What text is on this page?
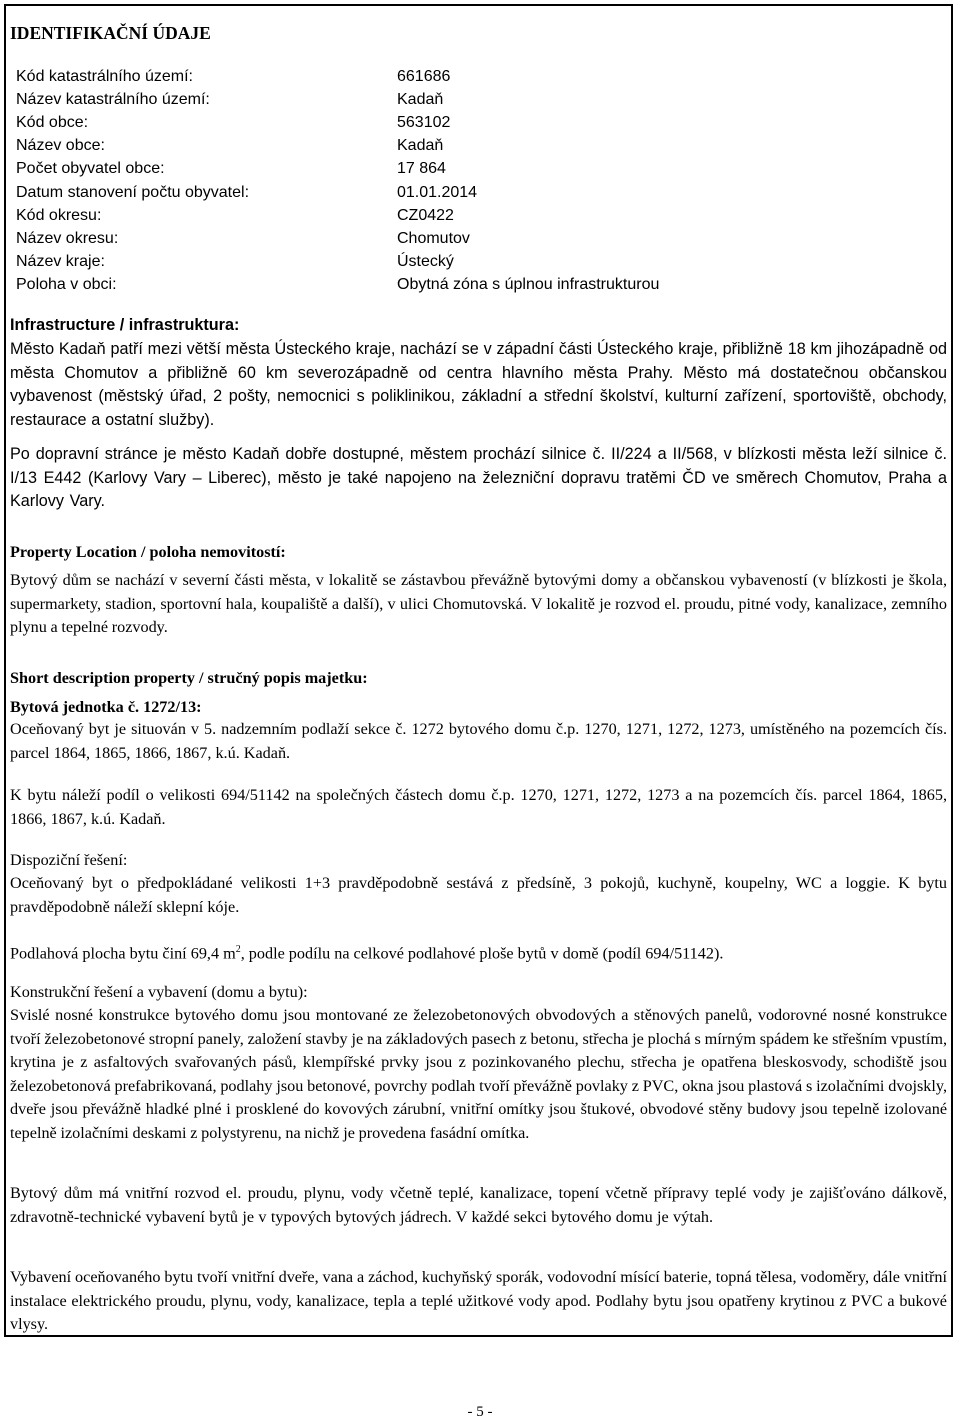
IDENTIFIKAČNÍ ÚDAJE

Kód katastrálního území:	661686

Název katastrálního území:	Kadaň

Kód obce:	563102

Název obce:	Kadaň

Počet obyvatel obce:	17 864

Datum stanovení počtu obyvatel:	01.01.2014

Kód okresu:	CZ0422

Název okresu:	Chomutov

Název kraje:	Ústecký

Poloha v obci:	Obytná zóna s úplnou infrastrukturou

Infrastructure / infrastruktura:

Město Kadaň patří mezi větší města Ústeckého kraje, nachází se v západní části Ústeckého kraje, přibližně 18 km jihozápadně od města Chomutov a přibližně 60 km severozápadně od centra hlavního města Prahy. Město má dostatečnou občanskou vybavenost (městský úřad, 2 pošty, nemocnici s poliklinikou, základní a střední školství, kulturní zařízení, sportoviště, obchody, restaurace a ostatní služby).

Po dopravní stránce je město Kadaň dobře dostupné, městem prochází silnice č. II/224 a II/568, v blízkosti města leží silnice č. I/13 E442 (Karlovy Vary – Liberec), město je také napojeno na železniční dopravu tratěmi ČD ve směrech Chomutov, Praha a Karlovy Vary.

Property Location / poloha nemovitostí:

Bytový dům se nachází v severní části města, v lokalitě se zástavbou převážně bytovými domy a občanskou vybaveností (v blízkosti je škola, supermarkety, stadion, sportovní hala, koupaliště a další), v ulici Chomutovská. V lokalitě je rozvod el. proudu, pitné vody, kanalizace, zemního plynu a tepelné rozvody.

Short description property / stručný popis majetku:

Bytová jednotka č. 1272/13:

Oceňovaný byt je situován v 5. nadzemním podlaží sekce č. 1272 bytového domu č.p. 1270, 1271, 1272, 1273, umístěného na pozemcích čís. parcel 1864, 1865, 1866, 1867, k.ú. Kadaň.

K bytu náleží podíl o velikosti 694/51142 na společných částech domu č.p. 1270, 1271, 1272, 1273 a na pozemcích čís. parcel 1864, 1865, 1866, 1867, k.ú. Kadaň.

Dispoziční řešení:

Oceňovaný byt o předpokládané velikosti 1+3 pravděpodobně sestává z předsíně, 3 pokojů, kuchyně, koupelny, WC a loggie. K bytu pravděpodobně náleží sklepní kóje.

Podlahová plocha bytu činí 69,4 $m^2$, podle podílu na celkové podlahové ploše bytů v domě (podíl 694/51142).

Konstrukční řešení a vybavení (domu a bytu):

Svislé nosné konstrukce bytového domu jsou montované ze železobetonových obvodových a stěnových panelů, vodorovné nosné konstrukce tvoří železobetonové stropní panely, založení stavby je na základových pasech z betonu, střecha je plochá s mírným spádem ke střešním vpustím, krytina je z asfaltových svařovaných pásů, klempířské prvky jsou z pozinkovaného plechu, střecha je opatřena bleskosvody, schodiště jsou železobetonová prefabrikovaná, podlahy jsou betonové, povrchy podlah tvoří převážně povlaky z PVC, okna jsou plastová s izolačními dvojskly, dveře jsou převážně hladké plné i prosklené do kovových zárubní, vnitřní omítky jsou štukové, obvodové stěny budovy jsou tepelně izolované tepelně izolačními deskami z polystyrenu, na nichž je provedena fasádní omítka.

Bytový dům má vnitřní rozvod el. proudu, plynu, vody včetně teplé, kanalizace, topení včetně přípravy teplé vody je zajišťováno dálkově, zdravotně-technické vybavení bytů je v typových bytových jádrech. V každé sekci bytového domu je výtah.

Vybavení oceňovaného bytu tvoří vnitřní dveře, vana a záchod, kuchyňský sporák, vodovodní mísící baterie, topná tělesa, vodoměry, dále vnitřní instalace elektrického proudu, plynu, vody, kanalizace, tepla a teplé užitkové vody apod. Podlahy bytu jsou opatřeny krytinou z PVC a bukové vlysy.

- 5 -
